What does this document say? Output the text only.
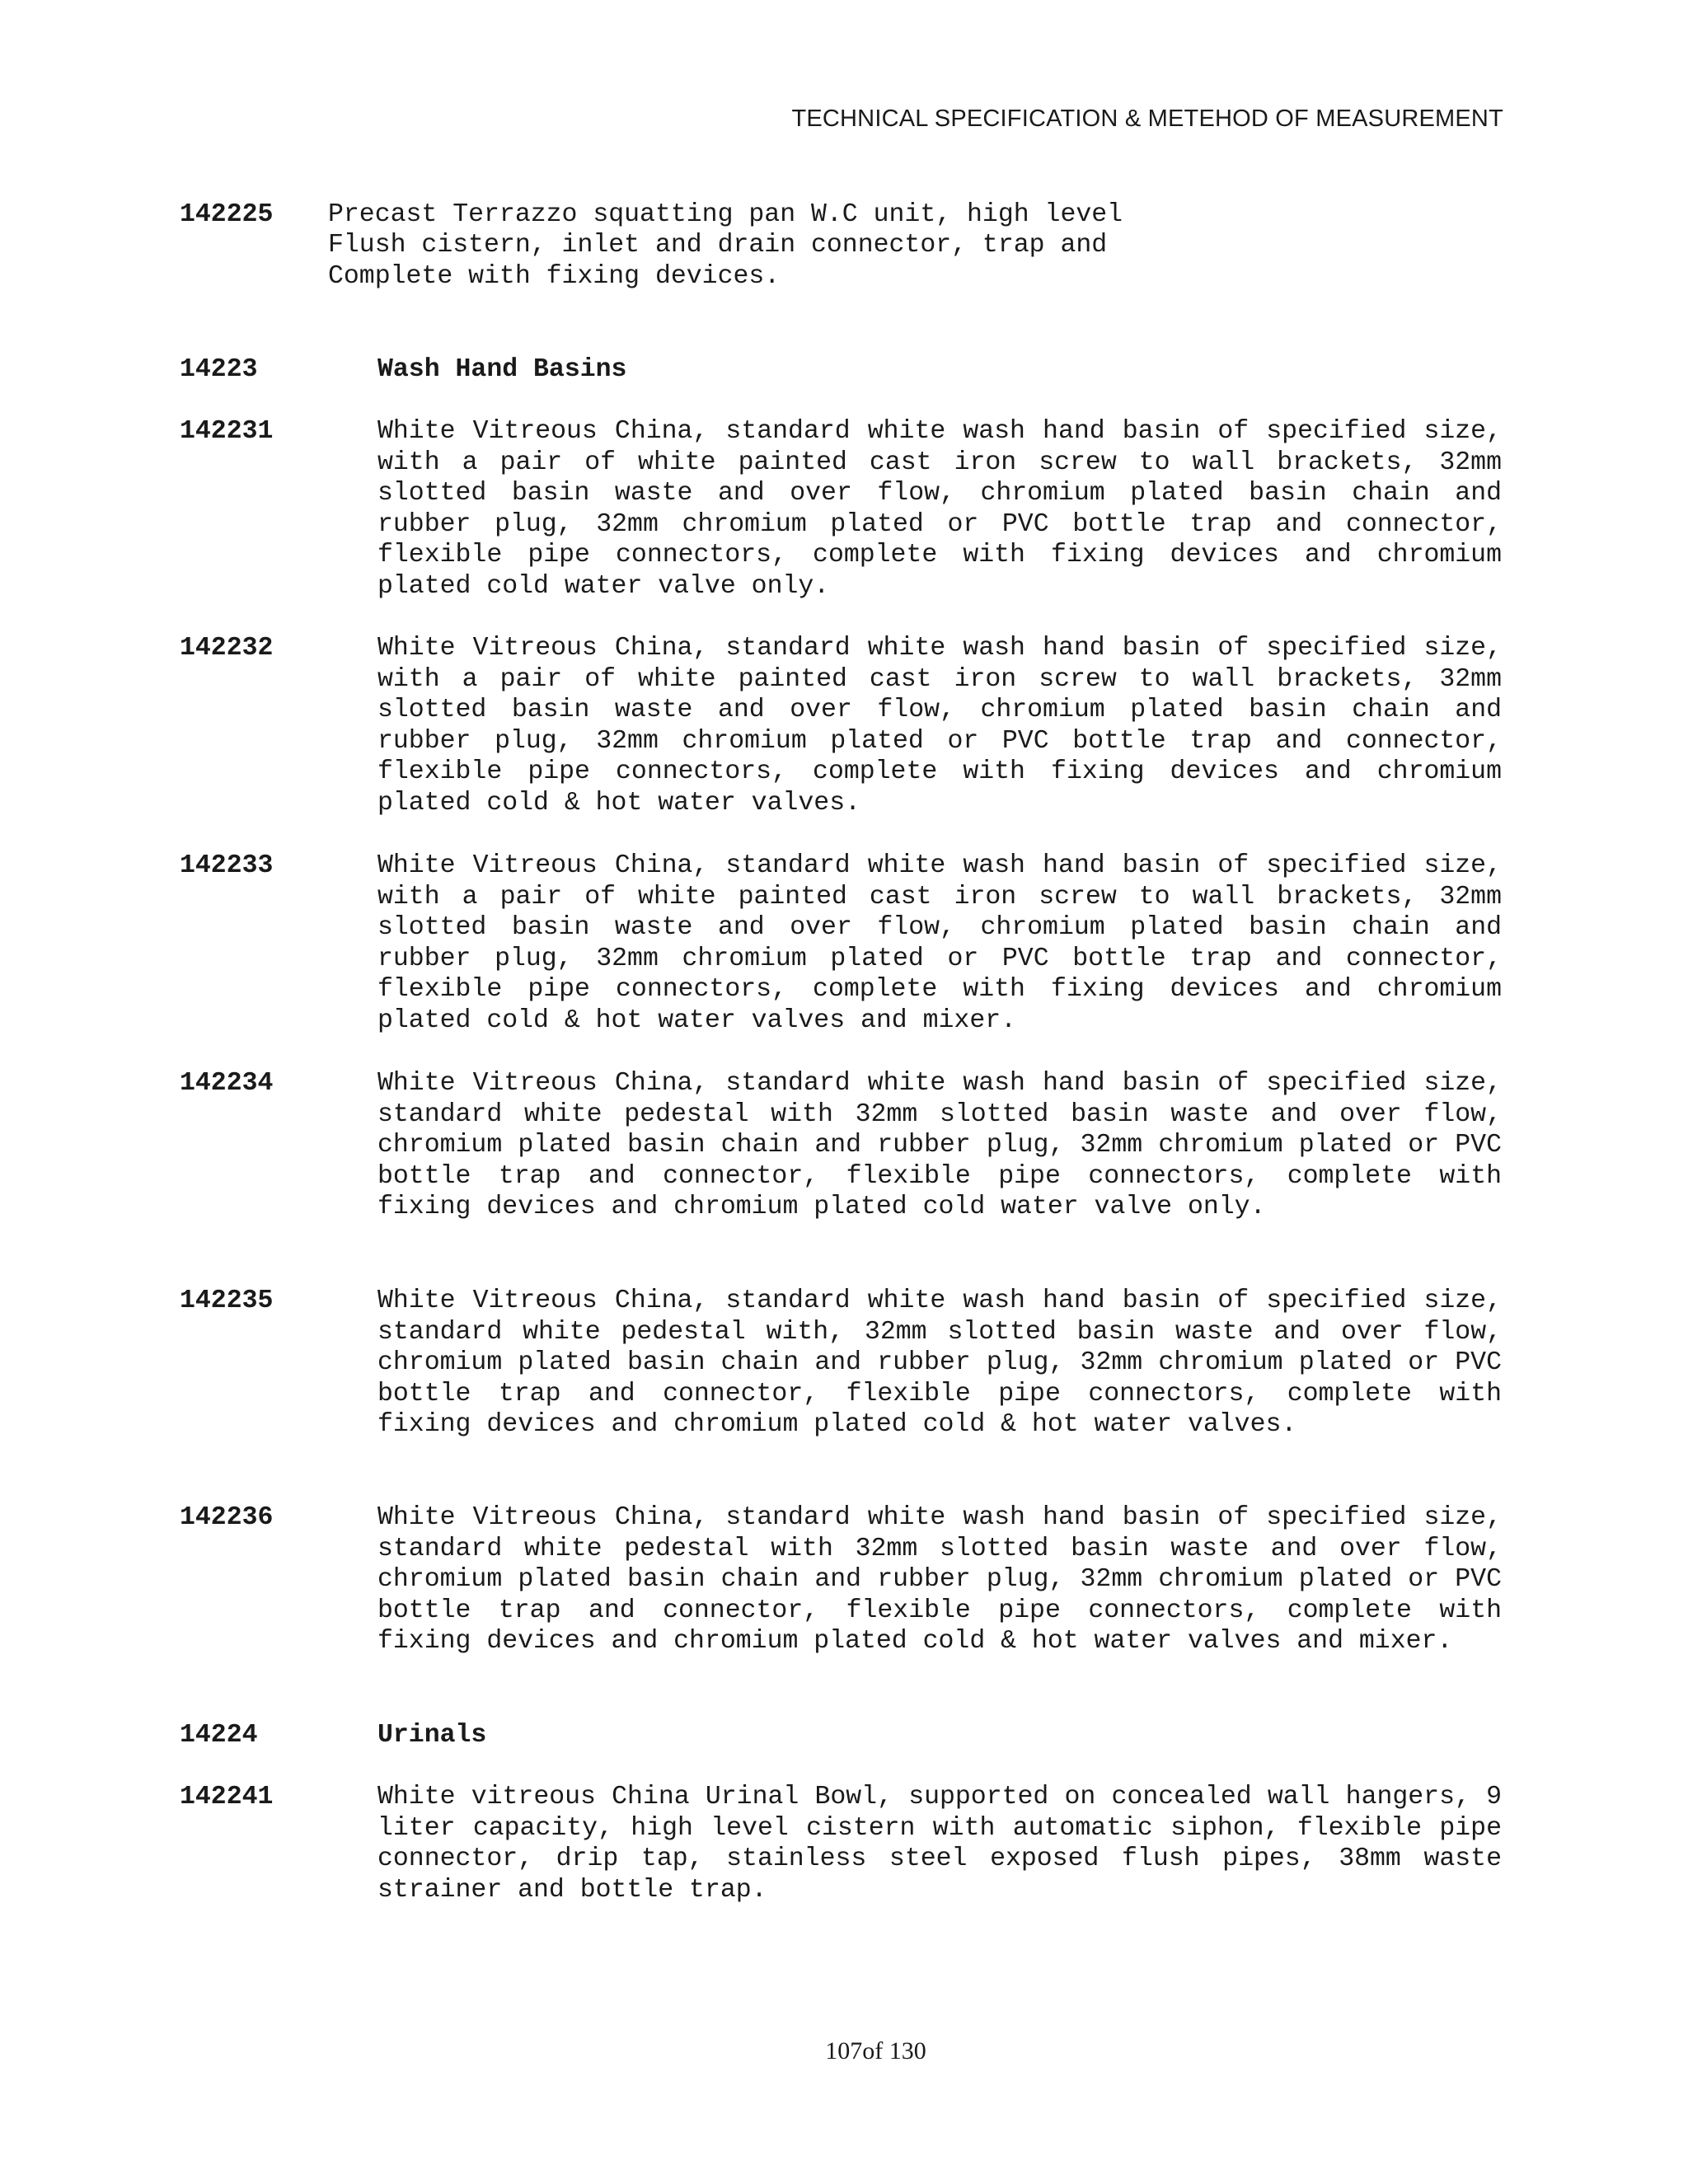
TECHNICAL SPECIFICATION & METEHOD OF MEASUREMENT
142225 Precast Terrazzo squatting pan W.C unit, high level
Flush cistern, inlet and drain connector, trap and
Complete with fixing devices.
14223	Wash Hand Basins
142231	White Vitreous China, standard white wash hand basin of specified size, with a pair of white painted cast iron screw to wall brackets, 32mm slotted basin waste and over flow, chromium plated basin chain and rubber plug, 32mm chromium plated or PVC bottle trap and connector, flexible pipe connectors, complete with fixing devices and chromium plated cold water valve only.

142232	White Vitreous China, standard white wash hand basin of specified size, with a pair of white painted cast iron screw to wall brackets, 32mm slotted basin waste and over flow, chromium plated basin chain and rubber plug, 32mm chromium plated or PVC bottle trap and connector, flexible pipe connectors, complete with fixing devices and chromium plated cold & hot water valves.

142233	White Vitreous China, standard white wash hand basin of specified size, with a pair of white painted cast iron screw to wall brackets, 32mm slotted basin waste and over flow, chromium plated basin chain and rubber plug, 32mm chromium plated or PVC bottle trap and connector, flexible pipe connectors, complete with fixing devices and chromium plated cold & hot water valves and mixer.

142234	White Vitreous China, standard white wash hand basin of specified size, standard white pedestal with 32mm slotted basin waste and over flow, chromium plated basin chain and rubber plug, 32mm chromium plated or PVC bottle trap and connector, flexible pipe connectors, complete with fixing devices and chromium plated cold water valve only.

142235	White Vitreous China, standard white wash hand basin of specified size, standard white pedestal with, 32mm slotted basin waste and over flow, chromium plated basin chain and rubber plug, 32mm chromium plated or PVC bottle trap and connector, flexible pipe connectors, complete with fixing devices and chromium plated cold & hot water valves.

142236	White Vitreous China, standard white wash hand basin of specified size, standard white pedestal with 32mm slotted basin waste and over flow, chromium plated basin chain and rubber plug, 32mm chromium plated or PVC bottle trap and connector, flexible pipe connectors, complete with fixing devices and chromium plated cold & hot water valves and mixer.

14224	Urinals
142241	White vitreous China Urinal Bowl, supported on concealed wall hangers, 9 liter capacity, high level cistern with automatic siphon, flexible pipe connector, drip tap, stainless steel exposed flush pipes, 38mm waste strainer and bottle trap.

107of 130
